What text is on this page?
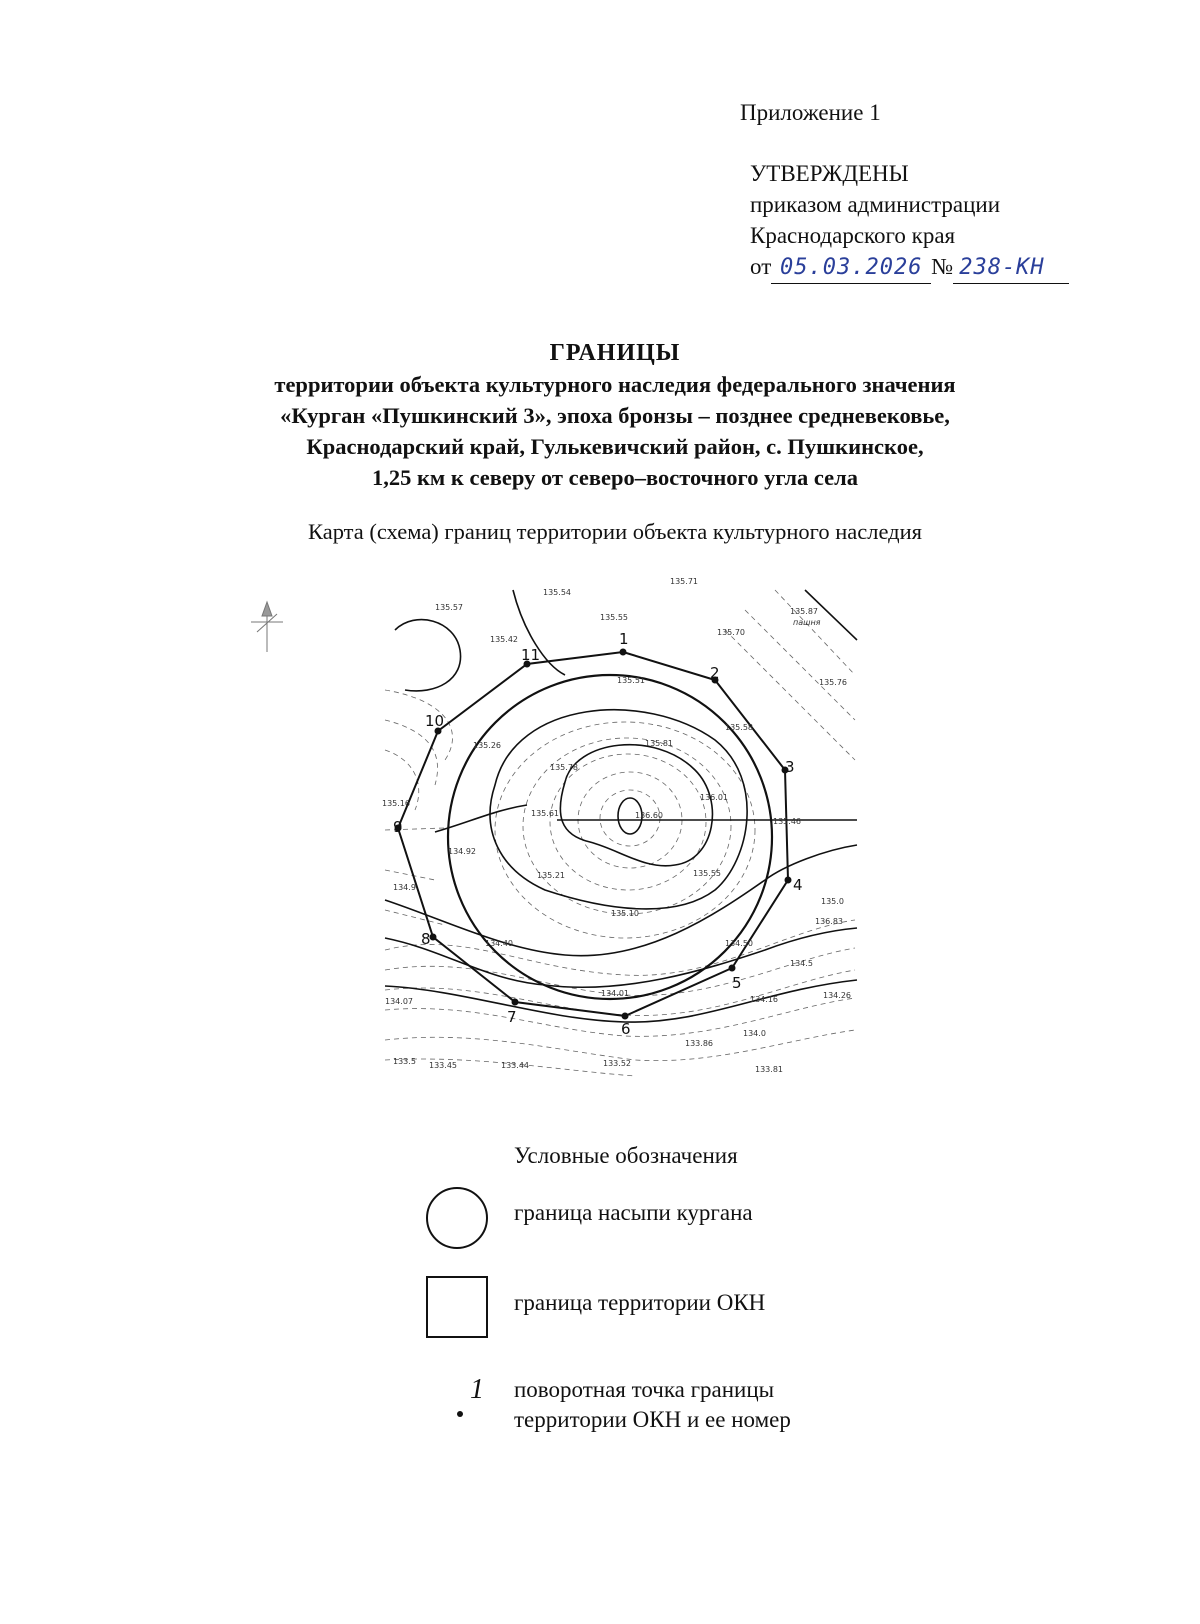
Приложение 1
УТВЕРЖДЕНЫ
приказом администрации
Краснодарского края
от 05.03.2026 № 238-КН
ГРАНИЦЫ
территории объекта культурного наследия федерального значения
«Курган «Пушкинский 3», эпоха бронзы – позднее средневековье,
Краснодарский край, Гулькевичский район, с. Пушкинское,
1,25 км к северу от северо–восточного угла села
Карта (схема) границ территории объекта культурного наследия
1
2
3
4
5
6
7
8
9
10
11
пашня
135.57
135.54
135.71
135.55
135.87
135.42
135.70
135.51	135.76
135.58
135.26	135.81
135.78
136.01
135.16
135.61	136.60
135.46
134.92
135.21	135.55
134.9
135.0
135.10
136.83
134.40	134.50
134.5
134.07
134.01
134.16	134.26
134.0
133.86
133.5 133.45	133.44	133.52
133.81
Условные обозначения
граница насыпи кургана
граница территории ОКН
1 поворотная точка границы
территории ОКН и ее номер
